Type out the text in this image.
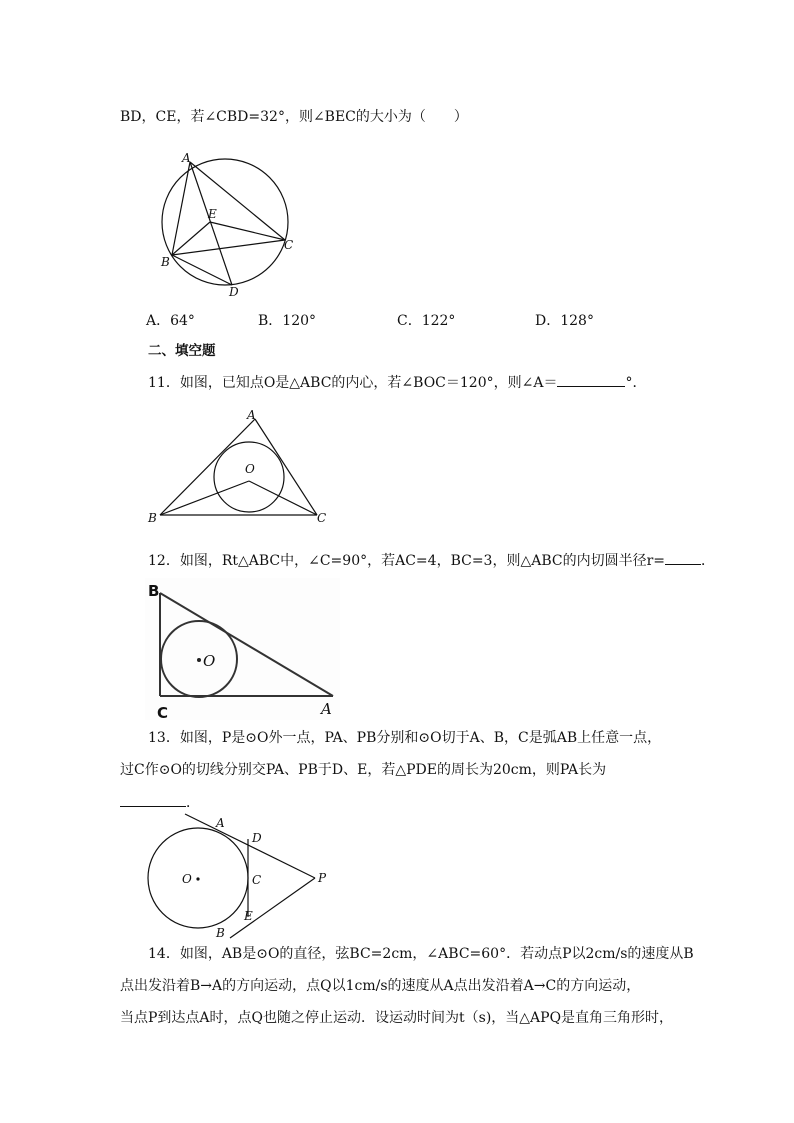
BD，CE，若∠CBD=32°，则∠BEC的大小为（　　）
A
B
C
D
E
A．64°	B．120°	C．122°	D．128°
二、填空题
11．如图，已知点O是△ABC的内心，若∠BOC＝120°，则∠A＝	°．
A
B	C
O
12．如图，Rt△ABC中，∠C=90°，若AC=4，BC=3，则△ABC的内切圆半径r=	．
B
C	A
O
13．如图，P是⊙O外一点，PA、PB分别和⊙O切于A、B，C是弧AB上任意一点，
过C作⊙O的切线分别交PA、PB于D、E，若△PDE的周长为20cm，则PA长为
．
A
B
C
D
E
O	P
14．如图，AB是⊙O的直径，弦BC=2cm，∠ABC=60°．若动点P以2cm/s的速度从B
点出发沿着B→A的方向运动，点Q以1cm/s的速度从A点出发沿着A→C的方向运动，
当点P到达点A时，点Q也随之停止运动．设运动时间为t（s)，当△APQ是直角三角形时，
